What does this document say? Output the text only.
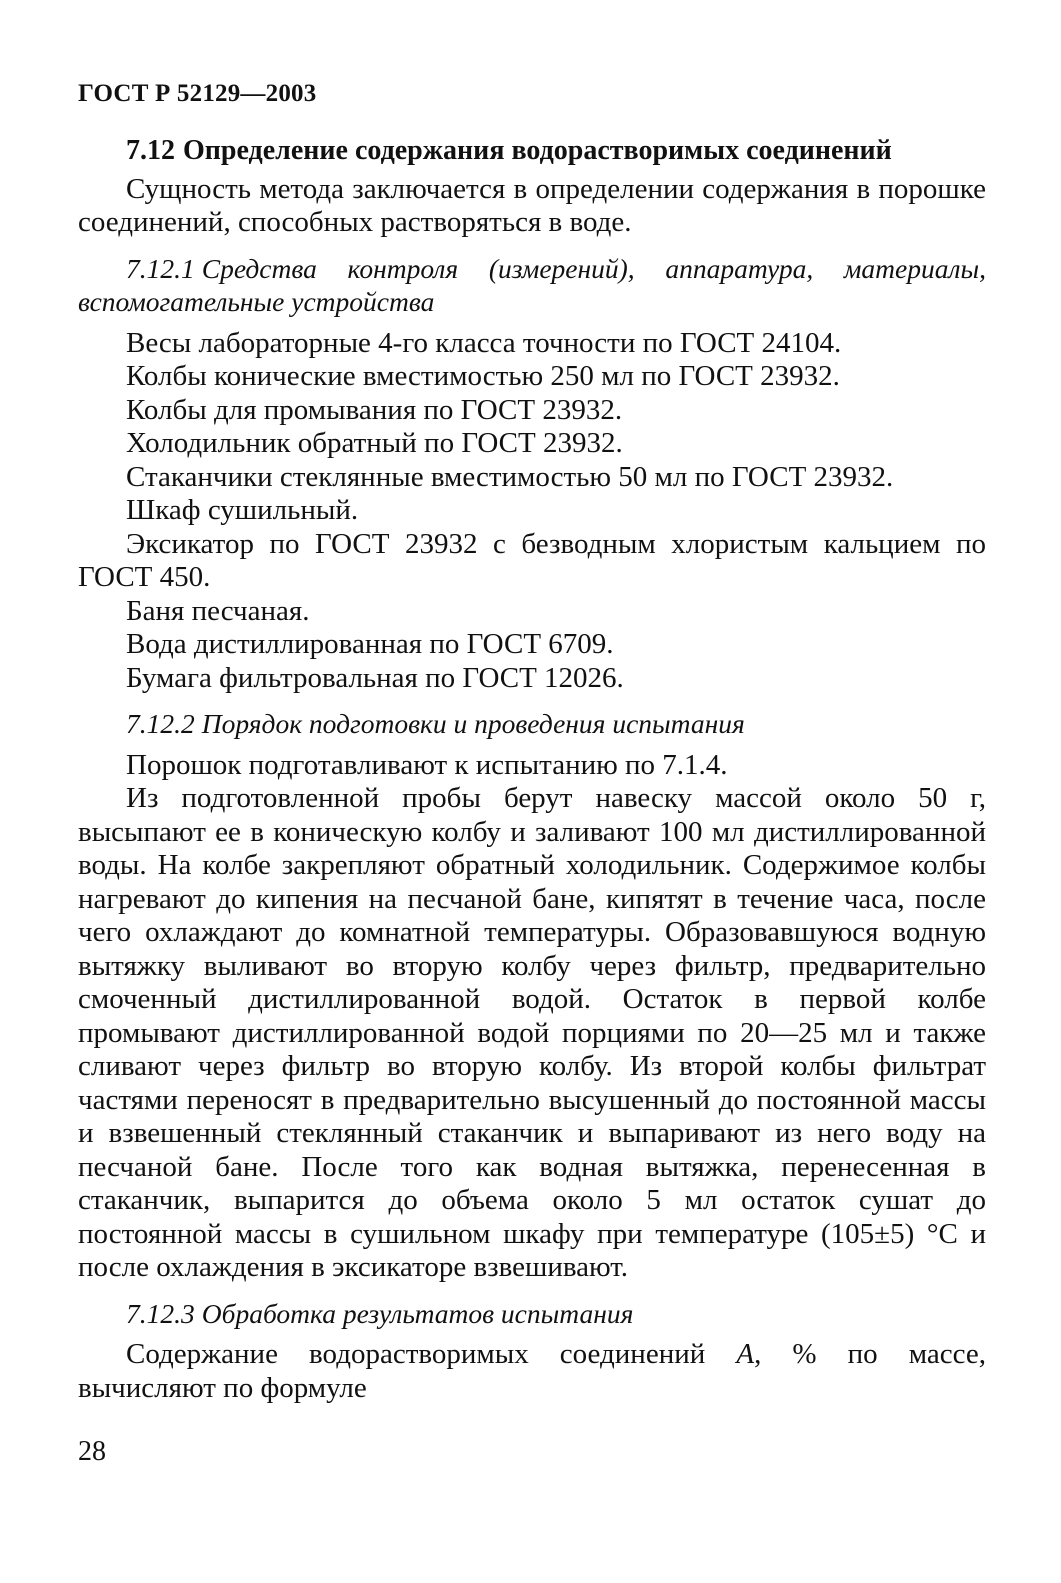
ГОСТ Р 52129—2003
7.12 Определение содержания водорастворимых соединений

Сущность метода заключается в определении содержания в порошке соединений, способных растворяться в воде.

7.12.1 Средства контроля (измерений), аппаратура, материалы, вспомогательные устройства

Весы лабораторные 4-го класса точности по ГОСТ 24104.

Колбы конические вместимостью 250 мл по ГОСТ 23932.

Колбы для промывания по ГОСТ 23932.

Холодильник обратный по ГОСТ 23932.

Стаканчики стеклянные вместимостью 50 мл по ГОСТ 23932.

Шкаф сушильный.

Эксикатор по ГОСТ 23932 с безводным хлористым кальцием по ГОСТ 450.

Баня песчаная.

Вода дистиллированная по ГОСТ 6709.

Бумага фильтровальная по ГОСТ 12026.

7.12.2 Порядок подготовки и проведения испытания

Порошок подготавливают к испытанию по 7.1.4.

Из подготовленной пробы берут навеску массой около 50 г, высыпают ее в коническую колбу и заливают 100 мл дистиллированной воды. На колбе закрепляют обратный холодильник. Содержимое колбы нагревают до кипения на песчаной бане, кипятят в течение часа, после чего охлаждают до комнатной температуры. Образовавшуюся водную вытяжку выливают во вторую колбу через фильтр, предварительно смоченный дистиллированной водой. Остаток в первой колбе промывают дистиллированной водой порциями по 20—25 мл и также сливают через фильтр во вторую колбу. Из второй колбы фильтрат частями переносят в предварительно высушенный до постоянной массы и взвешенный стеклянный стаканчик и выпаривают из него воду на песчаной бане. После того как водная вытяжка, перенесенная в стаканчик, выпарится до объема около 5 мл остаток сушат до постоянной массы в сушильном шкафу при температуре (105±5) °С и после охлаждения в эксикаторе взвешивают.

7.12.3 Обработка результатов испытания

Содержание водорастворимых соединений А, % по массе, вычисляют по формуле

28
